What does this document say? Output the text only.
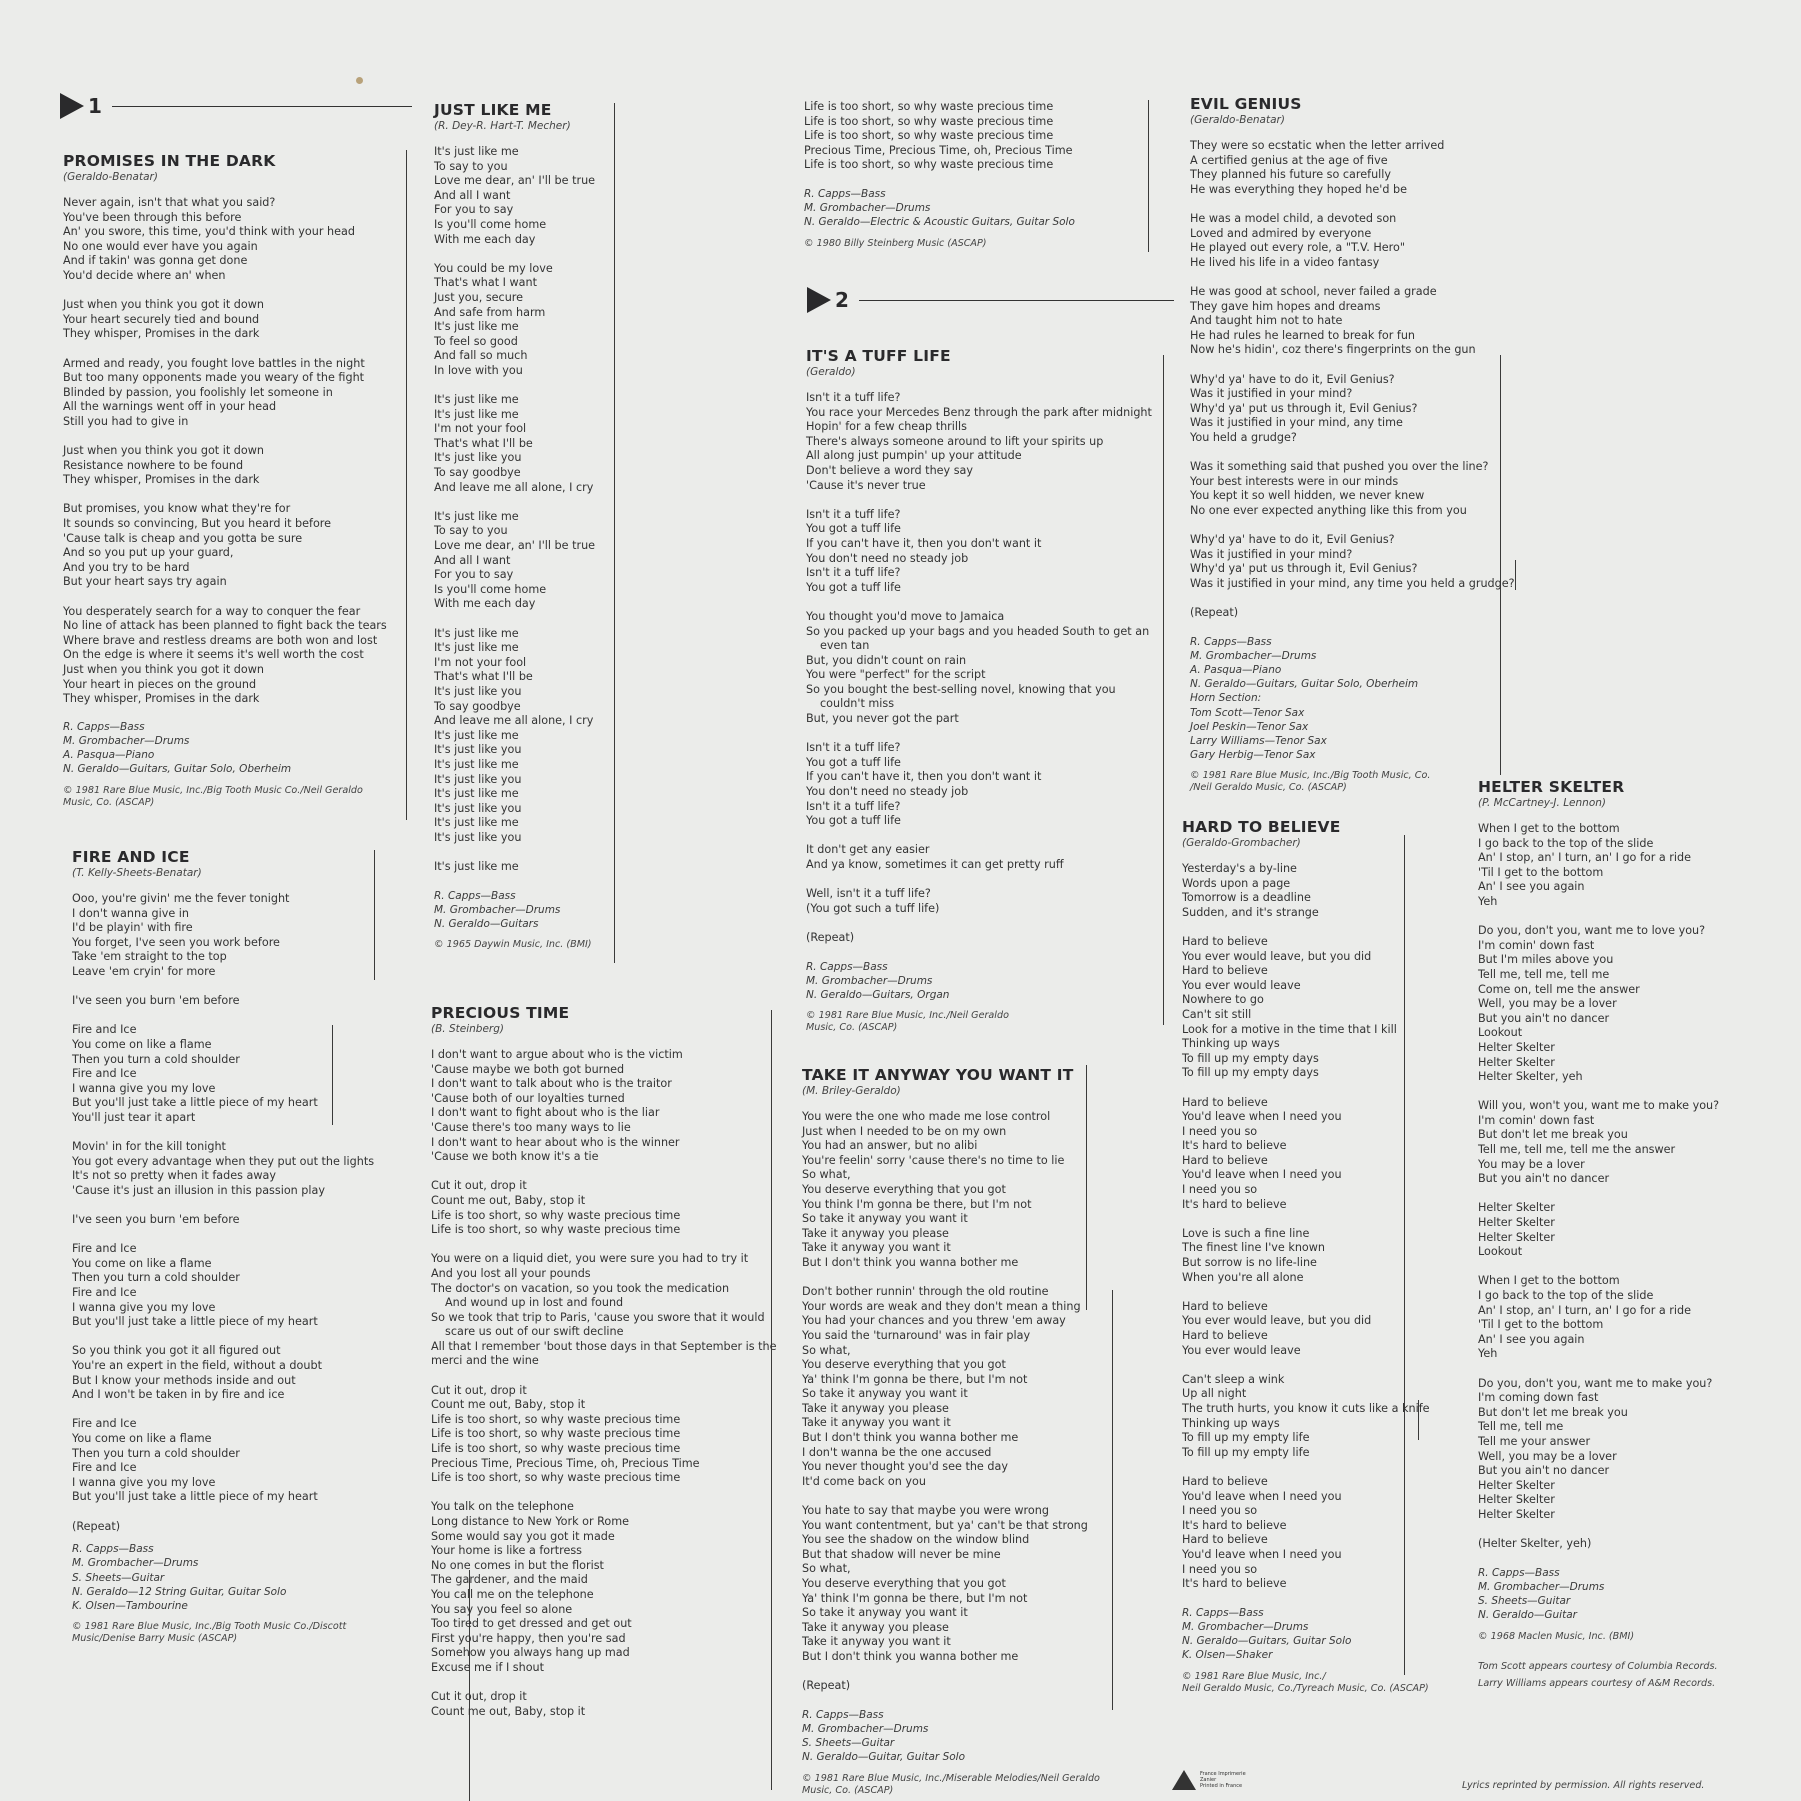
1
2
PROMISES IN THE DARK
(Geraldo-Benatar)
Never again, isn't that what you said?
You've been through this before
An' you swore, this time, you'd think with your head
No one would ever have you again
And if takin' was gonna get done
You'd decide where an' when
Just when you think you got it down
Your heart securely tied and bound
They whisper, Promises in the dark
Armed and ready, you fought love battles in the night
But too many opponents made you weary of the fight
Blinded by passion, you foolishly let someone in
All the warnings went off in your head
Still you had to give in
Just when you think you got it down
Resistance nowhere to be found
They whisper, Promises in the dark
But promises, you know what they're for
It sounds so convincing, But you heard it before
'Cause talk is cheap and you gotta be sure
And so you put up your guard,
And you try to be hard
But your heart says try again
You desperately search for a way to conquer the fear
No line of attack has been planned to fight back the tears
Where brave and restless dreams are both won and lost
On the edge is where it seems it's well worth the cost
Just when you think you got it down
Your heart in pieces on the ground
They whisper, Promises in the dark
R. Capps—Bass
M. Grombacher—Drums
A. Pasqua—Piano
N. Geraldo—Guitars, Guitar Solo, Oberheim
© 1981 Rare Blue Music, Inc./Big Tooth Music Co./Neil Geraldo
Music, Co. (ASCAP)
FIRE AND ICE
(T. Kelly-Sheets-Benatar)
Ooo, you're givin' me the fever tonight
I don't wanna give in
I'd be playin' with fire
You forget, I've seen you work before
Take 'em straight to the top
Leave 'em cryin' for more
I've seen you burn 'em before
Fire and Ice
You come on like a flame
Then you turn a cold shoulder
Fire and Ice
I wanna give you my love
But you'll just take a little piece of my heart
You'll just tear it apart
Movin' in for the kill tonight
You got every advantage when they put out the lights
It's not so pretty when it fades away
'Cause it's just an illusion in this passion play
I've seen you burn 'em before
Fire and Ice
You come on like a flame
Then you turn a cold shoulder
Fire and Ice
I wanna give you my love
But you'll just take a little piece of my heart
So you think you got it all figured out
You're an expert in the field, without a doubt
But I know your methods inside and out
And I won't be taken in by fire and ice
Fire and Ice
You come on like a flame
Then you turn a cold shoulder
Fire and Ice
I wanna give you my love
But you'll just take a little piece of my heart
(Repeat)
R. Capps—Bass
M. Grombacher—Drums
S. Sheets—Guitar
N. Geraldo—12 String Guitar, Guitar Solo
K. Olsen—Tambourine
© 1981 Rare Blue Music, Inc./Big Tooth Music Co./Discott
Music/Denise Barry Music (ASCAP)
JUST LIKE ME
(R. Dey-R. Hart-T. Mecher)
It's just like me
To say to you
Love me dear, an' I'll be true
And all I want
For you to say
Is you'll come home
With me each day
You could be my love
That's what I want
Just you, secure
And safe from harm
It's just like me
To feel so good
And fall so much
In love with you
It's just like me
It's just like me
I'm not your fool
That's what I'll be
It's just like you
To say goodbye
And leave me all alone, I cry
It's just like me
To say to you
Love me dear, an' I'll be true
And all I want
For you to say
Is you'll come home
With me each day
It's just like me
It's just like me
I'm not your fool
That's what I'll be
It's just like you
To say goodbye
And leave me all alone, I cry
It's just like me
It's just like you
It's just like me
It's just like you
It's just like me
It's just like you
It's just like me
It's just like you
It's just like me
R. Capps—Bass
M. Grombacher—Drums
N. Geraldo—Guitars
© 1965 Daywin Music, Inc. (BMI)
PRECIOUS TIME
(B. Steinberg)
I don't want to argue about who is the victim
'Cause maybe we both got burned
I don't want to talk about who is the traitor
'Cause both of our loyalties turned
I don't want to fight about who is the liar
'Cause there's too many ways to lie
I don't want to hear about who is the winner
'Cause we both know it's a tie
Cut it out, drop it
Count me out, Baby, stop it
Life is too short, so why waste precious time
Life is too short, so why waste precious time
You were on a liquid diet, you were sure you had to try it
And you lost all your pounds
The doctor's on vacation, so you took the medication
And wound up in lost and found
So we took that trip to Paris, 'cause you swore that it would
scare us out of our swift decline
All that I remember 'bout those days in that September is the
merci and the wine
Cut it out, drop it
Count me out, Baby, stop it
Life is too short, so why waste precious time
Life is too short, so why waste precious time
Life is too short, so why waste precious time
Precious Time, Precious Time, oh, Precious Time
Life is too short, so why waste precious time
You talk on the telephone
Long distance to New York or Rome
Some would say you got it made
Your home is like a fortress
No one comes in but the florist
The gardener, and the maid
You call me on the telephone
You say you feel so alone
Too tired to get dressed and get out
First you're happy, then you're sad
Somehow you always hang up mad
Excuse me if I shout
Cut it out, drop it
Count me out, Baby, stop it
Life is too short, so why waste precious time
Life is too short, so why waste precious time
Life is too short, so why waste precious time
Precious Time, Precious Time, oh, Precious Time
Life is too short, so why waste precious time
R. Capps—Bass
M. Grombacher—Drums
N. Geraldo—Electric & Acoustic Guitars, Guitar Solo
© 1980 Billy Steinberg Music (ASCAP)
IT'S A TUFF LIFE
(Geraldo)
Isn't it a tuff life?
You race your Mercedes Benz through the park after midnight
Hopin' for a few cheap thrills
There's always someone around to lift your spirits up
All along just pumpin' up your attitude
Don't believe a word they say
'Cause it's never true
Isn't it a tuff life?
You got a tuff life
If you can't have it, then you don't want it
You don't need no steady job
Isn't it a tuff life?
You got a tuff life
You thought you'd move to Jamaica
So you packed up your bags and you headed South to get an
even tan
But, you didn't count on rain
You were "perfect" for the script
So you bought the best-selling novel, knowing that you
couldn't miss
But, you never got the part
Isn't it a tuff life?
You got a tuff life
If you can't have it, then you don't want it
You don't need no steady job
Isn't it a tuff life?
You got a tuff life
It don't get any easier
And ya know, sometimes it can get pretty ruff
Well, isn't it a tuff life?
(You got such a tuff life)
(Repeat)
R. Capps—Bass
M. Grombacher—Drums
N. Geraldo—Guitars, Organ
© 1981 Rare Blue Music, Inc./Neil Geraldo
Music, Co. (ASCAP)
TAKE IT ANYWAY YOU WANT IT
(M. Briley-Geraldo)
You were the one who made me lose control
Just when I needed to be on my own
You had an answer, but no alibi
You're feelin' sorry 'cause there's no time to lie
So what,
You deserve everything that you got
You think I'm gonna be there, but I'm not
So take it anyway you want it
Take it anyway you please
Take it anyway you want it
But I don't think you wanna bother me
Don't bother runnin' through the old routine
Your words are weak and they don't mean a thing
You had your chances and you threw 'em away
You said the 'turnaround' was in fair play
So what,
You deserve everything that you got
Ya' think I'm gonna be there, but I'm not
So take it anyway you want it
Take it anyway you please
Take it anyway you want it
But I don't think you wanna bother me
I don't wanna be the one accused
You never thought you'd see the day
It'd come back on you
You hate to say that maybe you were wrong
You want contentment, but ya' can't be that strong
You see the shadow on the window blind
But that shadow will never be mine
So what,
You deserve everything that you got
Ya' think I'm gonna be there, but I'm not
So take it anyway you want it
Take it anyway you please
Take it anyway you want it
But I don't think you wanna bother me
(Repeat)
R. Capps—Bass
M. Grombacher—Drums
S. Sheets—Guitar
N. Geraldo—Guitar, Guitar Solo
© 1981 Rare Blue Music, Inc./Miserable Melodies/Neil Geraldo
Music, Co. (ASCAP)
EVIL GENIUS
(Geraldo-Benatar)
They were so ecstatic when the letter arrived
A certified genius at the age of five
They planned his future so carefully
He was everything they hoped he'd be
He was a model child, a devoted son
Loved and admired by everyone
He played out every role, a "T.V. Hero"
He lived his life in a video fantasy
He was good at school, never failed a grade
They gave him hopes and dreams
And taught him not to hate
He had rules he learned to break for fun
Now he's hidin', coz there's fingerprints on the gun
Why'd ya' have to do it, Evil Genius?
Was it justified in your mind?
Why'd ya' put us through it, Evil Genius?
Was it justified in your mind, any time
You held a grudge?
Was it something said that pushed you over the line?
Your best interests were in our minds
You kept it so well hidden, we never knew
No one ever expected anything like this from you
Why'd ya' have to do it, Evil Genius?
Was it justified in your mind?
Why'd ya' put us through it, Evil Genius?
Was it justified in your mind, any time you held a grudge?
(Repeat)
R. Capps—Bass
M. Grombacher—Drums
A. Pasqua—Piano
N. Geraldo—Guitars, Guitar Solo, Oberheim
Horn Section:
Tom Scott—Tenor Sax
Joel Peskin—Tenor Sax
Larry Williams—Tenor Sax
Gary Herbig—Tenor Sax
© 1981 Rare Blue Music, Inc./Big Tooth Music, Co.
/Neil Geraldo Music, Co. (ASCAP)
HARD TO BELIEVE
(Geraldo-Grombacher)
Yesterday's a by-line
Words upon a page
Tomorrow is a deadline
Sudden, and it's strange
Hard to believe
You ever would leave, but you did
Hard to believe
You ever would leave
Nowhere to go
Can't sit still
Look for a motive in the time that I kill
Thinking up ways
To fill up my empty days
To fill up my empty days
Hard to believe
You'd leave when I need you
I need you so
It's hard to believe
Hard to believe
You'd leave when I need you
I need you so
It's hard to believe
Love is such a fine line
The finest line I've known
But sorrow is no life-line
When you're all alone
Hard to believe
You ever would leave, but you did
Hard to believe
You ever would leave
Can't sleep a wink
Up all night
The truth hurts, you know it cuts like a knife
Thinking up ways
To fill up my empty life
To fill up my empty life
Hard to believe
You'd leave when I need you
I need you so
It's hard to believe
Hard to believe
You'd leave when I need you
I need you so
It's hard to believe
R. Capps—Bass
M. Grombacher—Drums
N. Geraldo—Guitars, Guitar Solo
K. Olsen—Shaker
© 1981 Rare Blue Music, Inc./
Neil Geraldo Music, Co./Tyreach Music, Co. (ASCAP)
HELTER SKELTER
(P. McCartney-J. Lennon)
When I get to the bottom
I go back to the top of the slide
An' I stop, an' I turn, an' I go for a ride
'Til I get to the bottom
An' I see you again
Yeh
Do you, don't you, want me to love you?
I'm comin' down fast
But I'm miles above you
Tell me, tell me, tell me
Come on, tell me the answer
Well, you may be a lover
But you ain't no dancer
Lookout
Helter Skelter
Helter Skelter
Helter Skelter, yeh
Will you, won't you, want me to make you?
I'm comin' down fast
But don't let me break you
Tell me, tell me, tell me the answer
You may be a lover
But you ain't no dancer
Helter Skelter
Helter Skelter
Helter Skelter
Lookout
When I get to the bottom
I go back to the top of the slide
An' I stop, an' I turn, an' I go for a ride
'Til I get to the bottom
An' I see you again
Yeh
Do you, don't you, want me to make you?
I'm coming down fast
But don't let me break you
Tell me, tell me
Tell me your answer
Well, you may be a lover
But you ain't no dancer
Helter Skelter
Helter Skelter
Helter Skelter
(Helter Skelter, yeh)
R. Capps—Bass
M. Grombacher—Drums
S. Sheets—Guitar
N. Geraldo—Guitar
© 1968 Maclen Music, Inc. (BMI)
Tom Scott appears courtesy of Columbia Records.
Larry Williams appears courtesy of A&M Records.
France Imprimerie
Zanier
Printed in France	Lyrics reprinted by permission. All rights reserved.
